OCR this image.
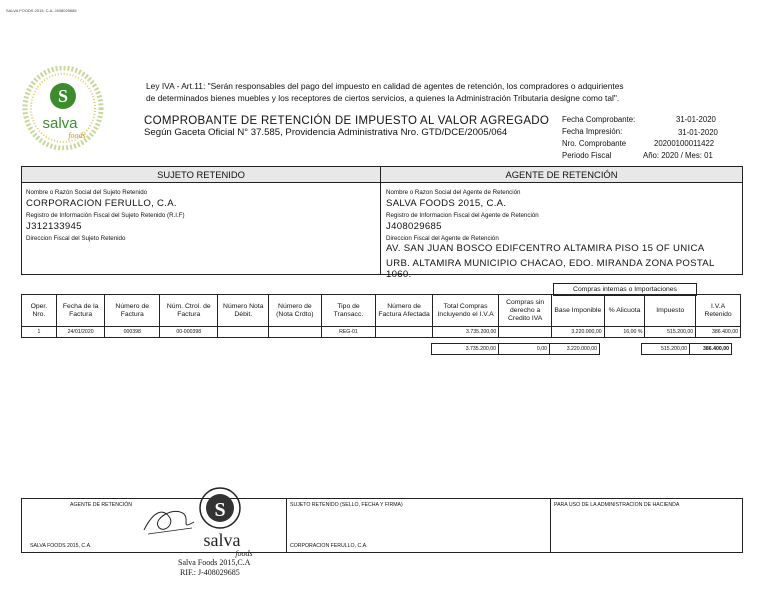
SALVA FOODS 2015, C.A. J408029685
S
salva
foods
Ley IVA - Art.11: "Serán responsables del pago del impuesto en calidad de agentes de retención, los compradores o adquirientes
de determinados bienes muebles y los receptores de ciertos servicios, a quienes la Administración Tributaria designe como tal".
COMPROBANTE DE RETENCIÓN DE IMPUESTO AL VALOR AGREGADO
Según Gaceta Oficial N° 37.585, Providencia Administrativa Nro. GTD/DCE/2005/064
Fecha Comprobante:	31-01-2020
Fecha Impresión:	31-01-2020
Nro. Comprobante	20200100011422
Periodo Fiscal	Año: 2020 / Mes: 01
SUJETO RETENIDO	AGENTE DE RETENCIÓN
Nombre o Razón Social del Sujeto Retenido
CORPORACION FERULLO, C.A.
Registro de Información Fiscal del Sujeto Retenido (R.I.F)
J312133945
Direccion Fiscal del Sujeto Retenido
Nombre o Razon Social del Agente de Retención
SALVA FOODS 2015, C.A.
Registro de Informacion Fiscal del Agente de Retención
J408029685
Direccion Fiscal del Agente de Retención
AV. SAN JUAN BOSCO EDIFCENTRO ALTAMIRA PISO 15 OF UNICA
URB. ALTAMIRA MUNICIPIO CHACAO, EDO. MIRANDA ZONA POSTAL 1060.
Compras internas o Importaciones
Oper. Nro.	Fecha de la Factura	Número de Factura	Núm. Ctrol. de Factura	Número Nota Débit.	Número de (Nota Crdto)	Tipo de Transacc.	Número de Factura Afectada	Total Compras Incluyendo el I.V.A	Compras sin derecho a Credito IVA	Base Imponible	% Alicuota	Impuesto	I.V.A Retenido
1	24/01/2020	000398	00-000398			REG-01		3.735.200,00		3.220.000,00	16,00 %	515.200,00	386.400,00
3.735.200,00	0,00	3.220.000,00		515.200,00	386.400,00
AGENTE DE RETENCIÓN
SALVA FOODS 2015, C.A.
SUJETO RETENIDO (SELLO, FECHA Y FIRMA)
CORPORACION FERULLO, C.A.
PARA USO DE LA ADMINISTRACION DE HACIENDA
S
salva
foods
Salva Foods 2015,C.A
RIF.: J-408029685
